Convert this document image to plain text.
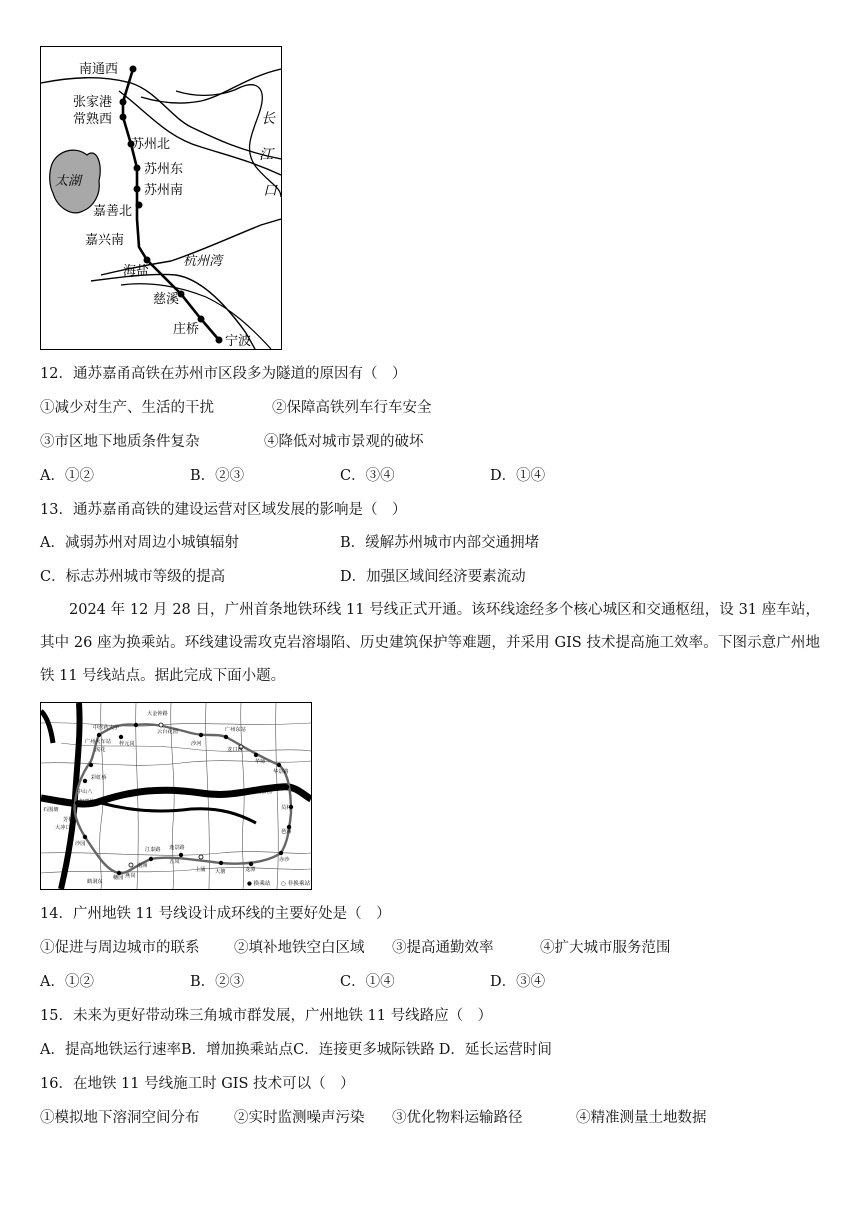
南通西
张家港
常熟西
苏州北
苏州东
苏州南
嘉善北
嘉兴南
海盐
慈溪
庄桥
宁波
太湖
长
江
口
杭州湾
12．通苏嘉甬高铁在苏州市区段多为隧道的原因有（　）
①减少对生产、生活的干扰	②保障高铁列车行车安全
③市区地下地质条件复杂	④降低对城市景观的破坏
A．①②	B．②③	C．③④	D．①④
13．通苏嘉甬高铁的建设运营对区域发展的影响是（　）
A．减弱苏州对周边小城镇辐射	B．缓解苏州城市内部交通拥堵
C．标志苏州城市等级的提高	D．加强区域间经济要素流动
2024 年 12 月 28 日，广州首条地铁环线 11 号线正式开通。该环线途经多个核心城区和交通枢纽，设 31 座车站，其中 26 座为换乘站。环线建设需攻克岩溶塌陷、历史建筑保护等难题，并采用 GIS 技术提高施工效率。下图示意广州地铁 11 号线站点。据此完成下面小题。
中医药大学
广州火车站
流花
梓元岗
云台花园
大金钟路
沙河
广州东站
龙口西
华师
华景路
天河公园
员村
琶洲
赤沙
石围塘
芳村
大冲口
彩虹桥
中山八
如意坊
沙园
鹤洞东
江泰路 逸景路
五凤
南洲
上涌 大塘	龙潭
燕岗
穗园
● 换乘站 ○ 非换乘站
14．广州地铁 11 号线设计成环线的主要好处是（　）
①促进与周边城市的联系 ②填补地铁空白区域 ③提高通勤效率	④扩大城市服务范围
A．①②	B．②③	C．①④	D．③④
15．未来为更好带动珠三角城市群发展，广州地铁 11 号线路应（　）
A．提高地铁运行速率B．增加换乘站点C．连接更多城际铁路 D．延长运营时间
16．在地铁 11 号线施工时 GIS 技术可以（　）
①模拟地下溶洞空间分布 ②实时监测噪声污染 ③优化物料运输路径	④精准测量土地数据
